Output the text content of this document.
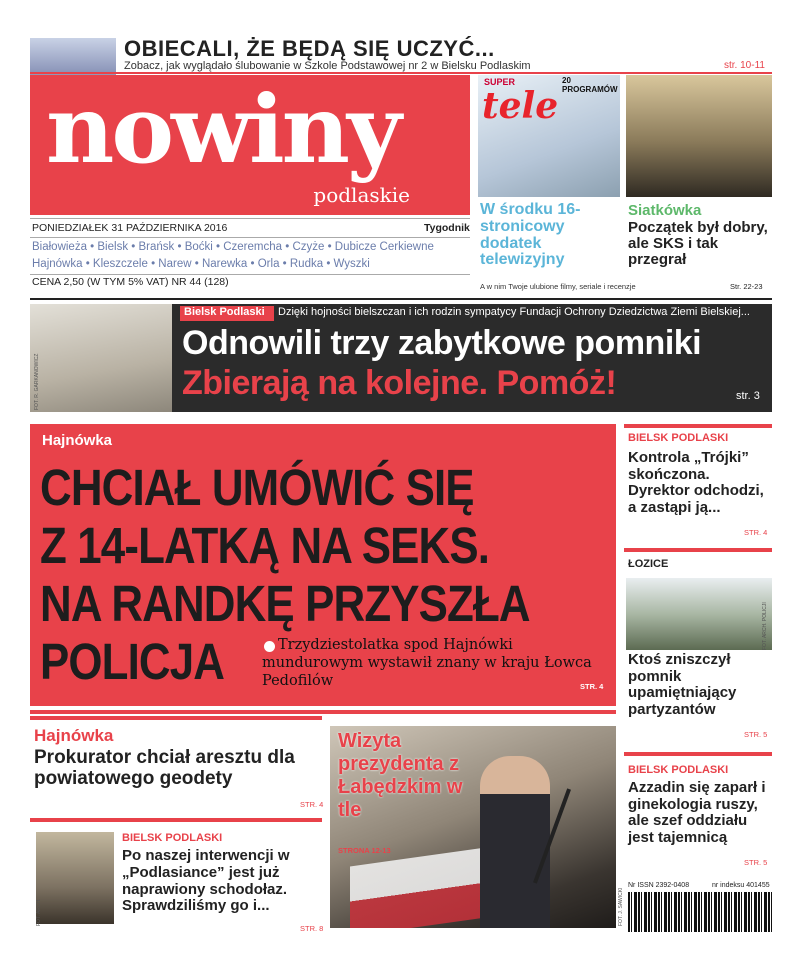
OBIECALI, ŻE BĘDĄ SIĘ UCZYĆ...
Zobacz, jak wyglądało ślubowanie w Szkole Podstawowej nr 2 w Bielsku Podlaskim	str. 10-11
nowiny
podlaskie
PONIEDZIAŁEK 31 PAŹDZIERNIKA 2016	Tygodnik
Białowieża • Bielsk • Brańsk • Boćki • Czeremcha • Czyże • Dubicze Cerkiewne
Hajnówka • Kleszczele • Narew • Narewka • Orla • Rudka • Wyszki
CENA 2,50 (W TYM 5% VAT) NR 44 (128)
SUPER
tele
20 PROGRAMÓW
W środku 16-stronicowy dodatek telewizyjny
A w nim Twoje ulubione filmy, seriale i recenzje
Siatkówka
Początek był dobry, ale SKS i tak przegrał
Str. 22-23
FOT. R. GARKANOWICZ
Bielsk Podlaski Dzięki hojności bielszczan i ich rodzin sympatycy Fundacji Ochrony Dziedzictwa Ziemi Bielskiej...
Odnowili trzy zabytkowe pomniki
Zbierają na kolejne. Pomóż!	str. 3
Hajnówka
CHCIAŁ UMÓWIĆ SIĘ
Z 14-LATKĄ NA SEKS.
NA RANDKĘ PRZYSZŁA
POLICJA	Trzydziestolatka spod Hajnówki mundurowym wystawił znany w kraju Łowca Pedofilów	STR. 4
BIELSK PODLASKI
Kontrola „Trójki” skończona. Dyrektor odchodzi, a zastąpi ją...
STR. 4
ŁOZICE
FOT. ARCH. POLICJI
Ktoś zniszczył pomnik upamiętniający partyzantów
STR. 5
BIELSK PODLASKI
Azzadin się zaparł i ginekologia ruszy, ale szef oddziału jest tajemnicą
STR. 5
Hajnówka
Prokurator chciał aresztu dla powiatowego geodety
STR. 4
FOT. ARCH.
BIELSK PODLASKI
Po naszej interwencji w „Podlasiance” jest już naprawiony schodołaz. Sprawdziliśmy go i...
STR. 8
FOT. J. SAWICKI
Wizyta prezydenta z Łabędzkim w tle
STRONA 12-13
Nr ISSN 2392-0408	nr indeksu 401455
